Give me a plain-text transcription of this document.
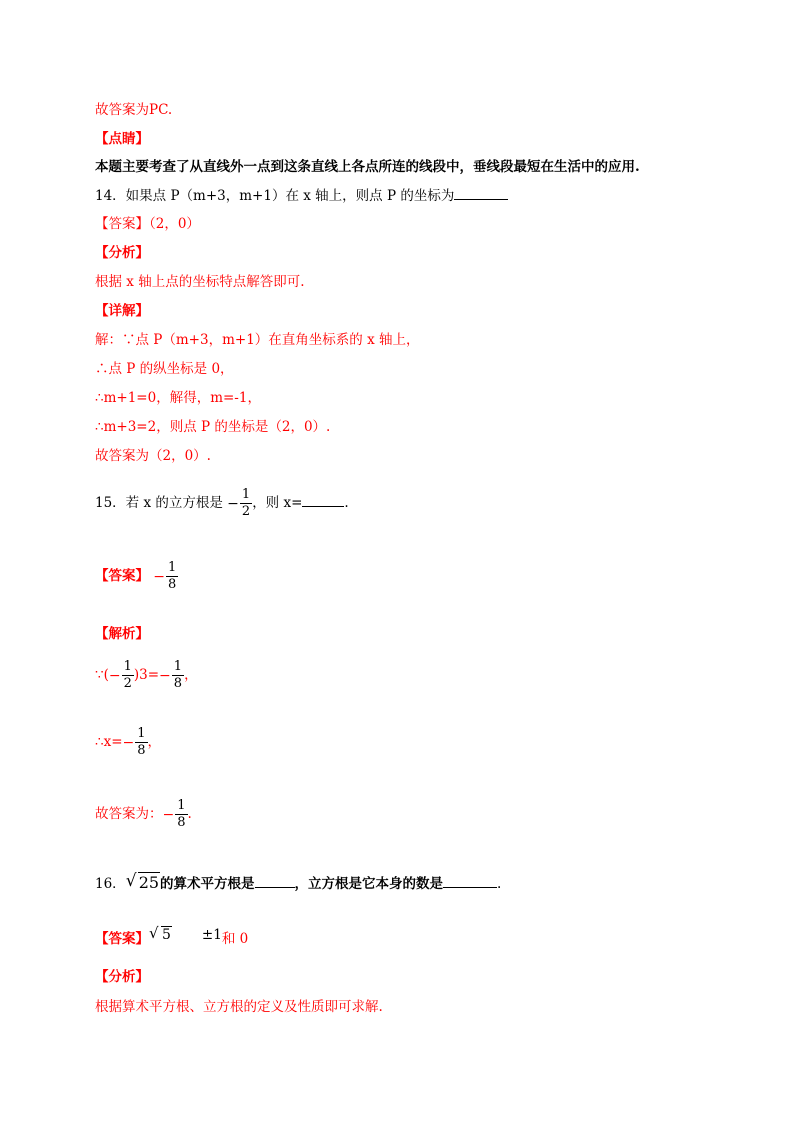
故答案为PC.
【点睛】
本题主要考查了从直线外一点到这条直线上各点所连的线段中，垂线段最短在生活中的应用.
14．如果点 P（m+3，m+1）在 x 轴上，则点 P 的坐标为
【答案】（2，0）
【分析】
根据 x 轴上点的坐标特点解答即可.
【详解】
解：∵点 P（m+3，m+1）在直角坐标系的 x 轴上，
∴点 P 的纵坐标是 0，
∴m+1=0，解得，m=-1，
∴m+3=2，则点 P 的坐标是（2，0）.
故答案为（2，0）.
15．若 x 的立方根是 − $\frac{1}{2}$ ，则 x=	.
【答案】 − $\frac{1}{8}$
【解析】
∵(− $\frac{1}{2} )3=- \frac{1}{8}$ ，
∴x=− $\frac{1}{8}$ ，
故答案为：− $\frac{1}{8}$ .
16． √ 25的算术平方根是	，立方根是它本身的数是	.
【答案】 √ 5 ±1和 0
【分析】
根据算术平方根、立方根的定义及性质即可求解.
